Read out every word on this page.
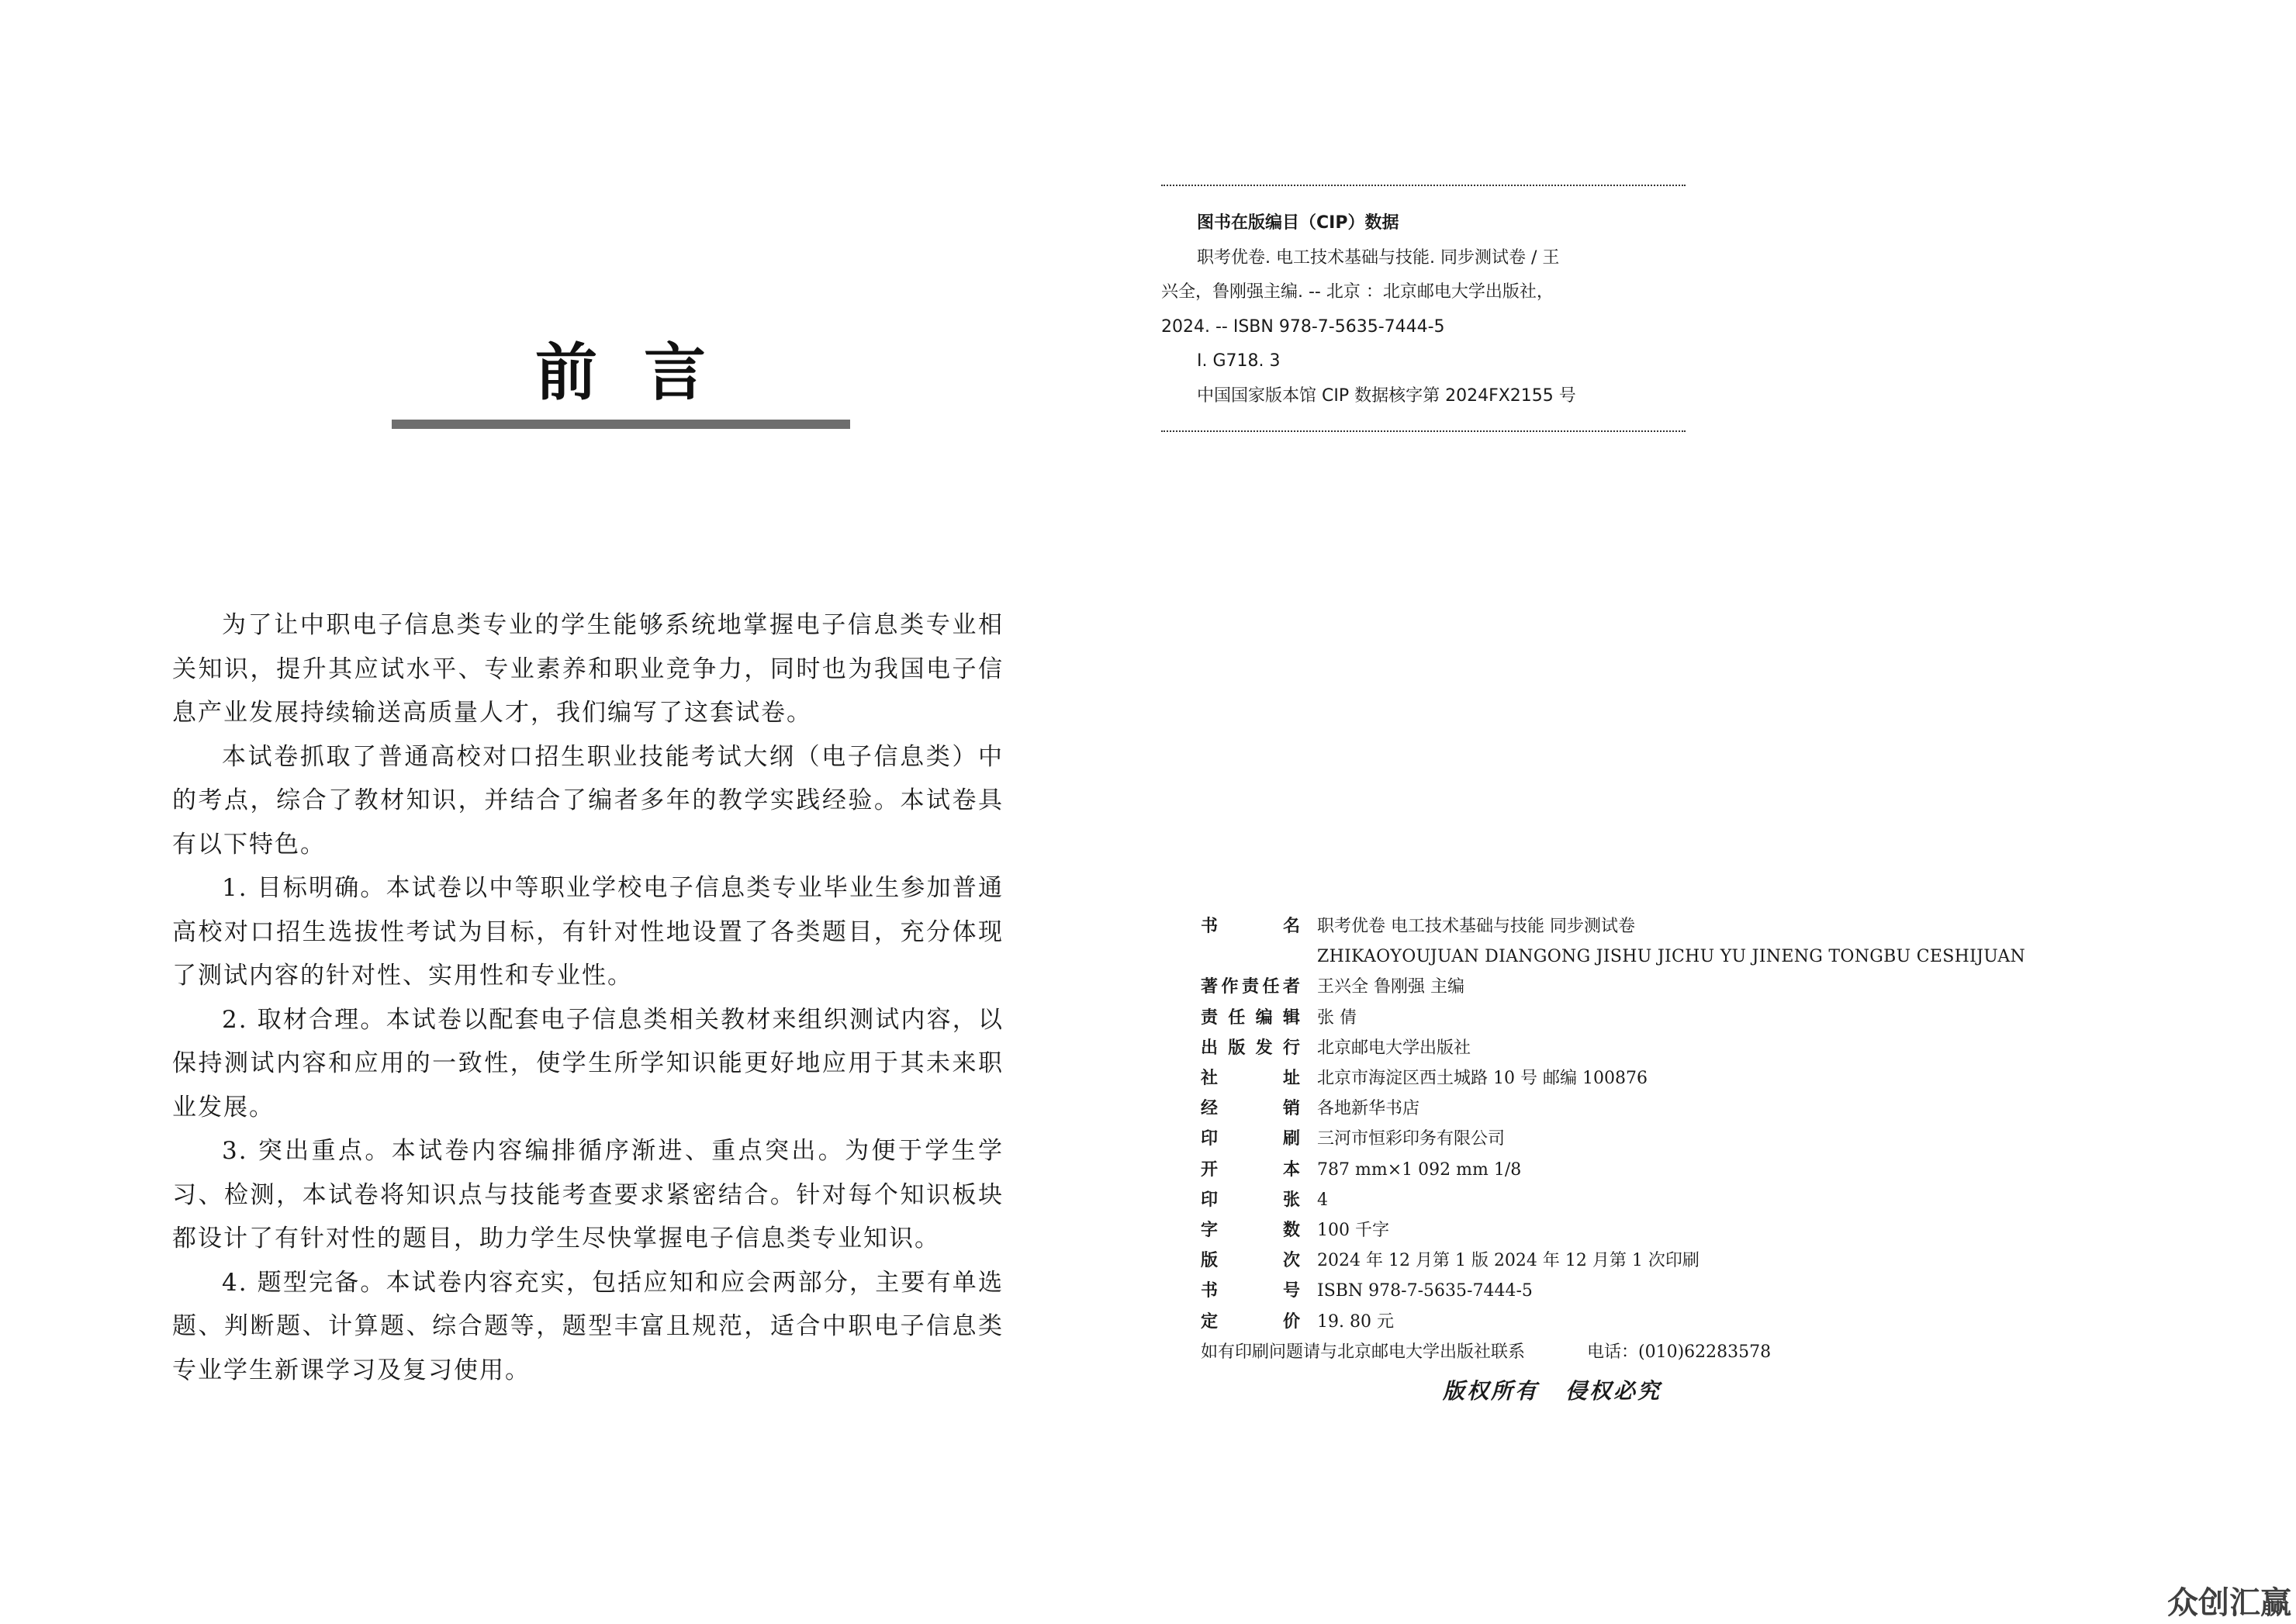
前言

为了让中职电子信息类专业的学生能够系统地掌握电子信息类专业相关知识，提升其应试水平、专业素养和职业竞争力，同时也为我国电子信息产业发展持续输送高质量人才，我们编写了这套试卷。

本试卷抓取了普通高校对口招生职业技能考试大纲（电子信息类）中的考点，综合了教材知识，并结合了编者多年的教学实践经验。本试卷具有以下特色。

1. 目标明确。本试卷以中等职业学校电子信息类专业毕业生参加普通高校对口招生选拔性考试为目标，有针对性地设置了各类题目，充分体现了测试内容的针对性、实用性和专业性。

2. 取材合理。本试卷以配套电子信息类相关教材来组织测试内容，以保持测试内容和应用的一致性，使学生所学知识能更好地应用于其未来职业发展。

3. 突出重点。本试卷内容编排循序渐进、重点突出。为便于学生学习、检测，本试卷将知识点与技能考查要求紧密结合。针对每个知识板块都设计了有针对性的题目，助力学生尽快掌握电子信息类专业知识。

4. 题型完备。本试卷内容充实，包括应知和应会两部分，主要有单选题、判断题、计算题、综合题等，题型丰富且规范，适合中职电子信息类专业学生新课学习及复习使用。

图书在版编目（CIP）数据
职考优卷. 电工技术基础与技能. 同步测试卷 / 王
兴全，鲁刚强主编. -- 北京 ：北京邮电大学出版社，
2024. -- ISBN 978-7-5635-7444-5
Ⅰ. G718. 3
中国国家版本馆 CIP 数据核字第 2024FX2155 号
书	名	职考优卷 电工技术基础与技能 同步测试卷
ZHIKAOYOUJUAN DIANGONG JISHU JICHU YU JINENG TONGBU CESHIJUAN
著 作 责 任 者	王兴全 鲁刚强 主编
责 任 编 辑	张 倩
出 版 发 行	北京邮电大学出版社
社	址	北京市海淀区西土城路 10 号 邮编 100876
经	销	各地新华书店
印	刷	三河市恒彩印务有限公司
开	本	787 mm×1 092 mm 1/8
印	张	4
字	数	100 千字
版	次	2024 年 12 月第 1 版 2024 年 12 月第 1 次印刷
书	号	ISBN 978-7-5635-7444-5
定	价	19. 80 元
如有印刷问题请与北京邮电大学出版社联系	电话：(010)62283578
版权所有 侵权必究
众创汇赢
